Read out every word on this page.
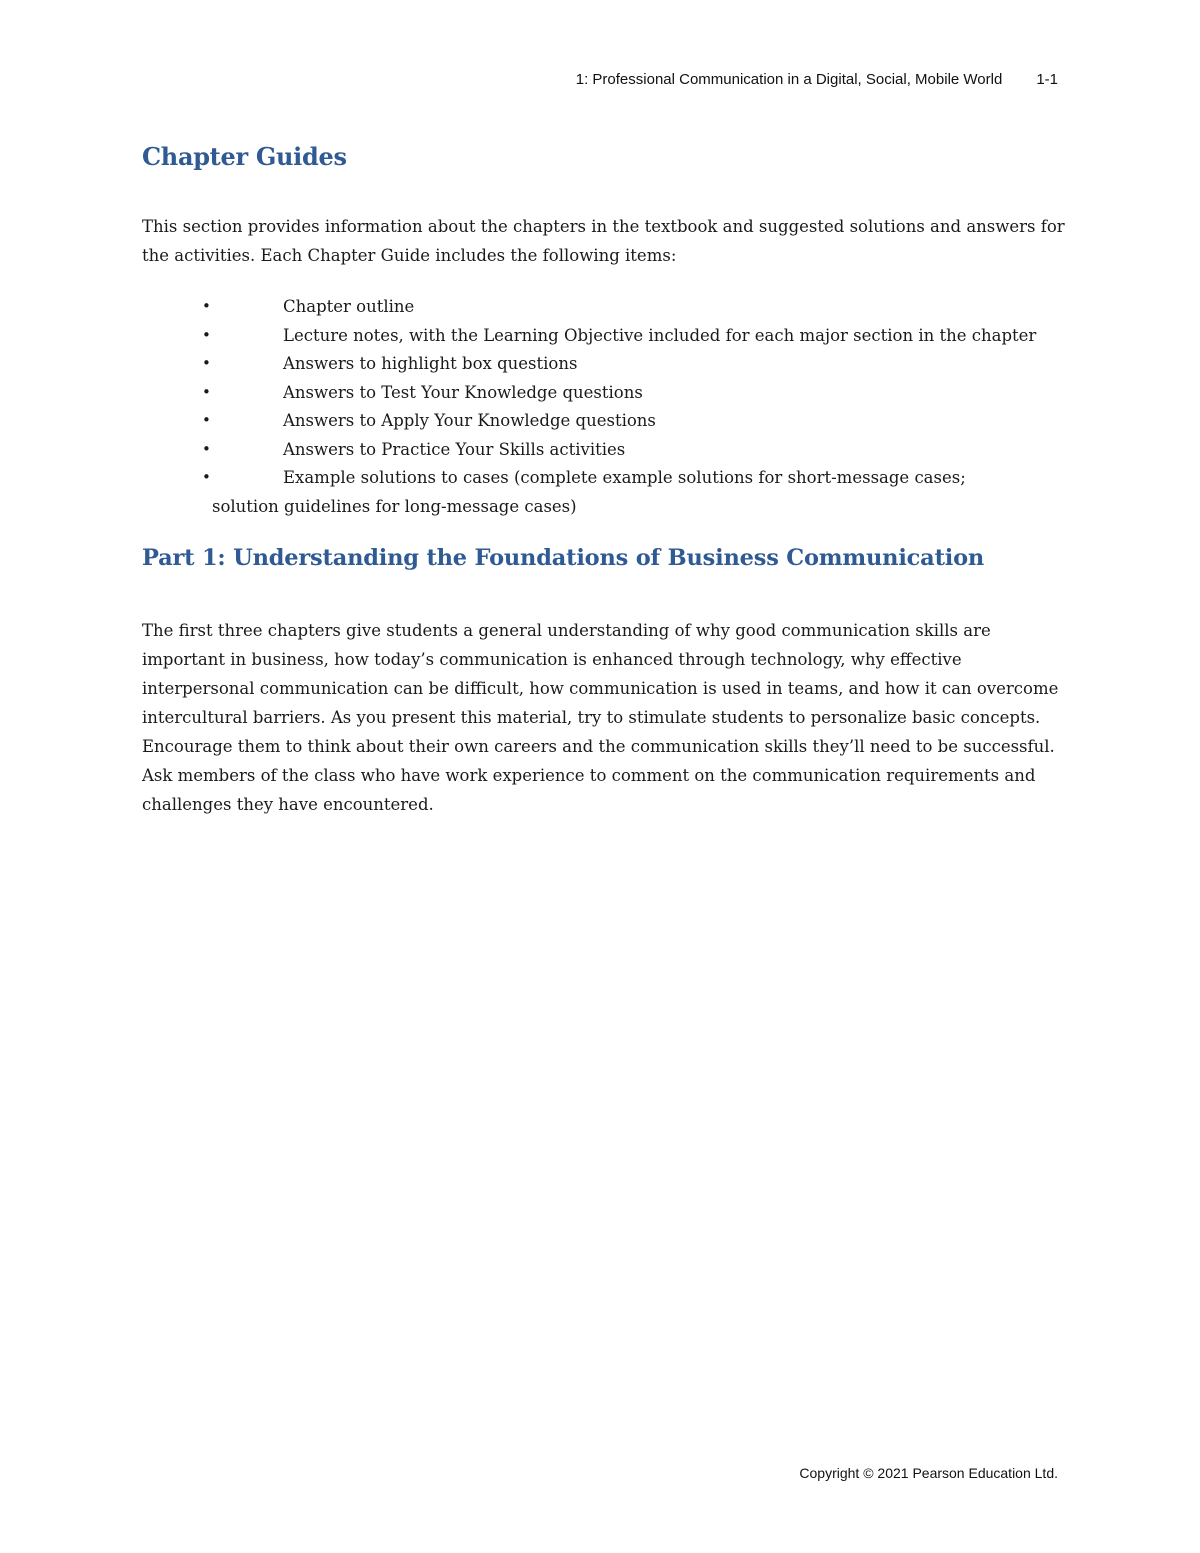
1: Professional Communication in a Digital, Social, Mobile World 1-1
Chapter Guides

This section provides information about the chapters in the textbook and suggested solutions and answers for the activities. Each Chapter Guide includes the following items:

•	Chapter outline
•	Lecture notes, with the Learning Objective included for each major section in the chapter
•	Answers to highlight box questions
•	Answers to Test Your Knowledge questions
•	Answers to Apply Your Knowledge questions
•	Answers to Practice Your Skills activities
•	Example solutions to cases (complete example solutions for short-message cases;
solution guidelines for long-message cases)
Part 1: Understanding the Foundations of Business Communication

The first three chapters give students a general understanding of why good communication skills are important in business, how today’s communication is enhanced through technology, why effective interpersonal communication can be difficult, how communication is used in teams, and how it can overcome intercultural barriers. As you present this material, try to stimulate students to personalize basic concepts. Encourage them to think about their own careers and the communication skills they’ll need to be successful. Ask members of the class who have work experience to comment on the communication requirements and challenges they have encountered.

Copyright © 2021 Pearson Education Ltd.
